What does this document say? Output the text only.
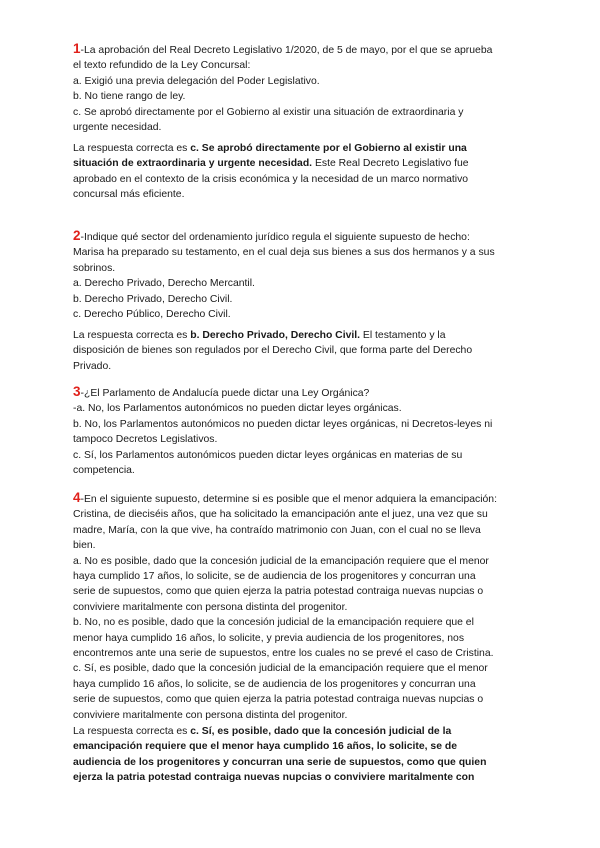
1-La aprobación del Real Decreto Legislativo 1/2020, de 5 de mayo, por el que se aprueba
el texto refundido de la Ley Concursal:
a. Exigió una previa delegación del Poder Legislativo.
b. No tiene rango de ley.
c. Se aprobó directamente por el Gobierno al existir una situación de extraordinaria y
urgente necesidad.
La respuesta correcta es c. Se aprobó directamente por el Gobierno al existir una
situación de extraordinaria y urgente necesidad. Este Real Decreto Legislativo fue
aprobado en el contexto de la crisis económica y la necesidad de un marco normativo
concursal más eficiente.
2-Indique qué sector del ordenamiento jurídico regula el siguiente supuesto de hecho:
Marisa ha preparado su testamento, en el cual deja sus bienes a sus dos hermanos y a sus
sobrinos.
a. Derecho Privado, Derecho Mercantil.
b. Derecho Privado, Derecho Civil.
c. Derecho Público, Derecho Civil.
La respuesta correcta es b. Derecho Privado, Derecho Civil. El testamento y la
disposición de bienes son regulados por el Derecho Civil, que forma parte del Derecho
Privado.
3-¿El Parlamento de Andalucía puede dictar una Ley Orgánica?
-a. No, los Parlamentos autonómicos no pueden dictar leyes orgánicas.
b. No, los Parlamentos autonómicos no pueden dictar leyes orgánicas, ni Decretos-leyes ni
tampoco Decretos Legislativos.
c. Sí, los Parlamentos autonómicos pueden dictar leyes orgánicas en materias de su
competencia.
4-En el siguiente supuesto, determine si es posible que el menor adquiera la emancipación:
Cristina, de dieciséis años, que ha solicitado la emancipación ante el juez, una vez que su
madre, María, con la que vive, ha contraído matrimonio con Juan, con el cual no se lleva
bien.
a. No es posible, dado que la concesión judicial de la emancipación requiere que el menor
haya cumplido 17 años, lo solicite, se de audiencia de los progenitores y concurran una
serie de supuestos, como que quien ejerza la patria potestad contraiga nuevas nupcias o
conviviere maritalmente con persona distinta del progenitor.
b. No, no es posible, dado que la concesión judicial de la emancipación requiere que el
menor haya cumplido 16 años, lo solicite, y previa audiencia de los progenitores, nos
encontremos ante una serie de supuestos, entre los cuales no se prevé el caso de Cristina.
c. Sí, es posible, dado que la concesión judicial de la emancipación requiere que el menor
haya cumplido 16 años, lo solicite, se de audiencia de los progenitores y concurran una
serie de supuestos, como que quien ejerza la patria potestad contraiga nuevas nupcias o
conviviere maritalmente con persona distinta del progenitor.
La respuesta correcta es c. Sí, es posible, dado que la concesión judicial de la
emancipación requiere que el menor haya cumplido 16 años, lo solicite, se de
audiencia de los progenitores y concurran una serie de supuestos, como que quien
ejerza la patria potestad contraiga nuevas nupcias o conviviere maritalmente con
